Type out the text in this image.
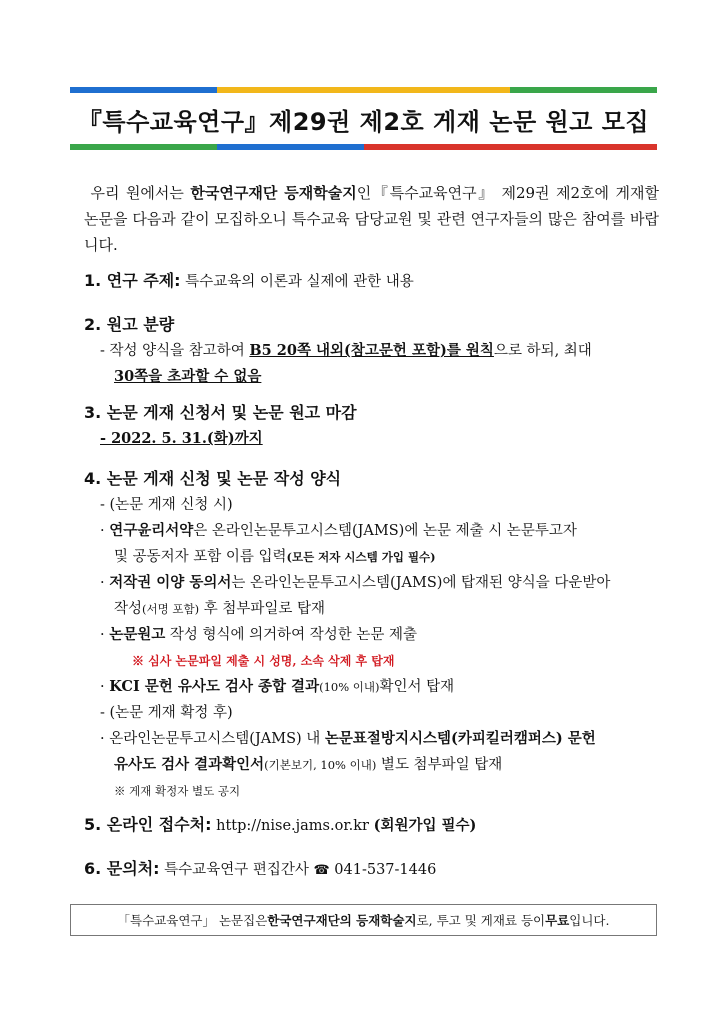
『특수교육연구』제29권 제2호 게재 논문 원고 모집
우리 원에서는 한국연구재단 등재학술지인『특수교육연구』 제29권 제2호에 게재할 논문을 다음과 같이 모집하오니 특수교육 담당교원 및 관련 연구자들의 많은 참여를 바랍니다.
1. 연구 주제: 특수교육의 이론과 실제에 관한 내용
2. 원고 분량
- 작성 양식을 참고하여 B5 20쪽 내외(참고문헌 포함)를 원칙으로 하되, 최대
30쪽을 초과할 수 없음
3. 논문 게재 신청서 및 논문 원고 마감
- 2022. 5. 31.(화)까지
4. 논문 게재 신청 및 논문 작성 양식
- (논문 게재 신청 시)
· 연구윤리서약은 온라인논문투고시스템(JAMS)에 논문 제출 시 논문투고자
및 공동저자 포함 이름 입력(모든 저자 시스템 가입 필수)
· 저작권 이양 동의서는 온라인논문투고시스템(JAMS)에 탑재된 양식을 다운받아
작성(서명 포함) 후 첨부파일로 탑재
· 논문원고 작성 형식에 의거하여 작성한 논문 제출
※ 심사 논문파일 제출 시 성명, 소속 삭제 후 탑재
· KCI 문헌 유사도 검사 종합 결과(10% 이내)확인서 탑재
- (논문 게재 확정 후)
· 온라인논문투고시스템(JAMS) 내 논문표절방지시스템(카피킬러캠퍼스) 문헌
유사도 검사 결과확인서(기본보기, 10% 이내) 별도 첨부파일 탑재
※ 게재 확정자 별도 공지
5. 온라인 접수처: http://nise.jams.or.kr (회원가입 필수)
6. 문의처: 특수교육연구 편집간사 ☎ 041-537-1446
「특수교육연구」 논문집은 한국연구재단의 등재학술지 로, 투고 및 게재료 등이 무료 입니다.
